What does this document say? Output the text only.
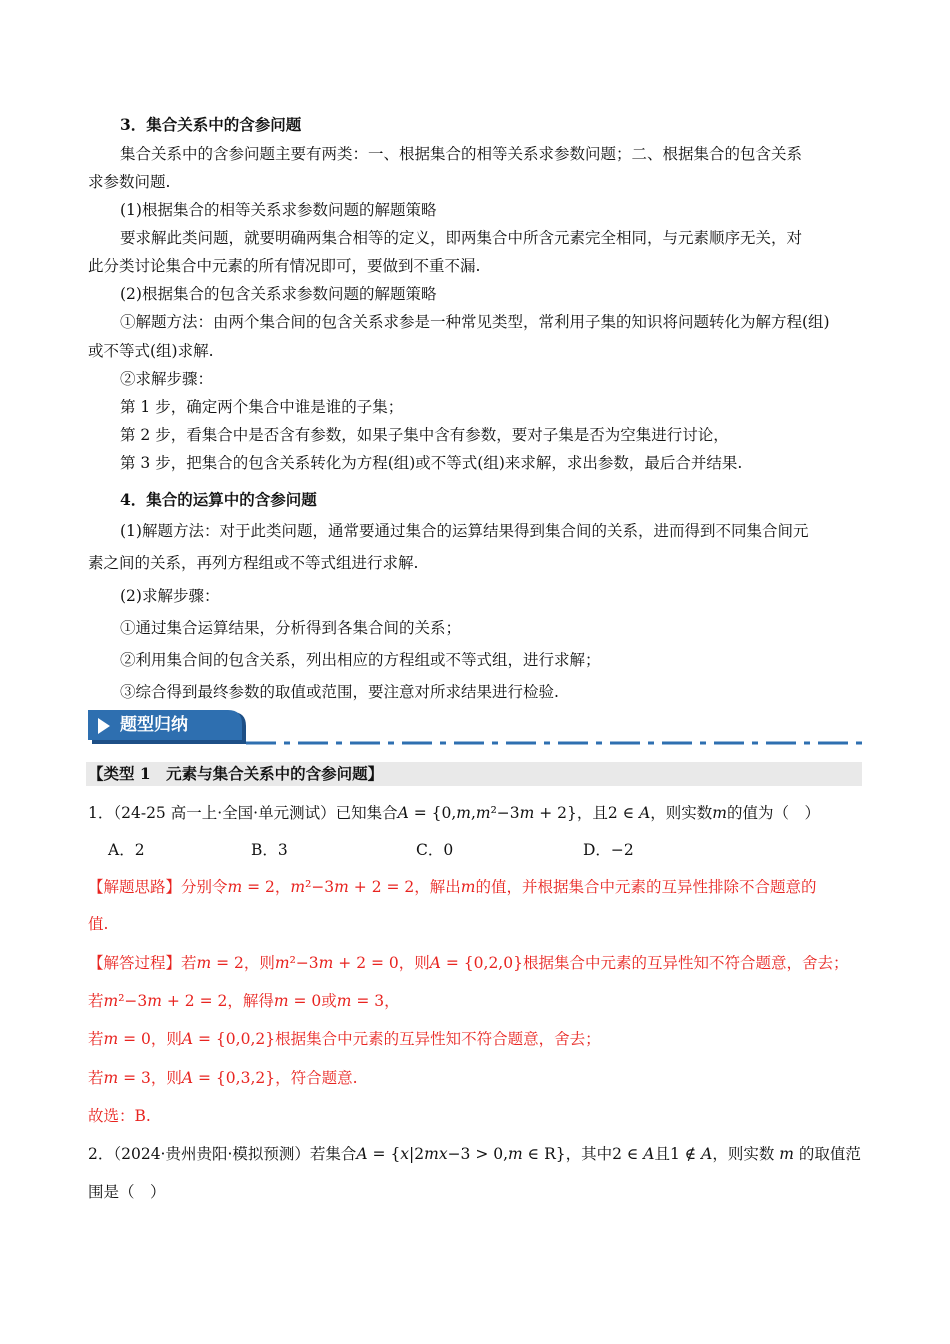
3．集合关系中的含参问题
集合关系中的含参问题主要有两类：一、根据集合的相等关系求参数问题；二、根据集合的包含关系
求参数问题.
(1)根据集合的相等关系求参数问题的解题策略
要求解此类问题，就要明确两集合相等的定义，即两集合中所含元素完全相同，与元素顺序无关，对
此分类讨论集合中元素的所有情况即可，要做到不重不漏.
(2)根据集合的包含关系求参数问题的解题策略
①解题方法：由两个集合间的包含关系求参是一种常见类型，常利用子集的知识将问题转化为解方程(组)
或不等式(组)求解.
②求解步骤：
第 1 步，确定两个集合中谁是谁的子集；
第 2 步，看集合中是否含有参数，如果子集中含有参数，要对子集是否为空集进行讨论，
第 3 步，把集合的包含关系转化为方程(组)或不等式(组)来求解，求出参数，最后合并结果.
4．集合的运算中的含参问题
(1)解题方法：对于此类问题，通常要通过集合的运算结果得到集合间的关系，进而得到不同集合间元
素之间的关系，再列方程组或不等式组进行求解.
(2)求解步骤：
①通过集合运算结果，分析得到各集合间的关系；
②利用集合间的包含关系，列出相应的方程组或不等式组，进行求解；
③综合得到最终参数的取值或范围，要注意对所求结果进行检验.
题型归纳
【类型 1　元素与集合关系中的含参问题】
1．（24-25 高一上·全国·单元测试）已知集合𝐴 = {0,𝑚,𝑚²−3𝑚 + 2}，且2 ∈ 𝐴，则实数𝑚的值为（　）
A．2	B．3	C．0	D．−2
【解题思路】分别令𝑚 = 2，𝑚²−3𝑚 + 2 = 2，解出𝑚的值，并根据集合中元素的互异性排除不合题意的
值.
【解答过程】若𝑚 = 2，则𝑚²−3𝑚 + 2 = 0，则𝐴 = {0,2,0}根据集合中元素的互异性知不符合题意，舍去；
若𝑚²−3𝑚 + 2 = 2，解得𝑚 = 0或𝑚 = 3，
若𝑚 = 0，则𝐴 = {0,0,2}根据集合中元素的互异性知不符合题意，舍去；
若𝑚 = 3，则𝐴 = {0,3,2}，符合题意.
故选：B.
2．（2024·贵州贵阳·模拟预测）若集合𝐴 = {𝑥|2𝑚𝑥−3 > 0,𝑚 ∈ R}，其中2 ∈ 𝐴且1 ∉ 𝐴，则实数 𝑚 的取值范
围是（　）
